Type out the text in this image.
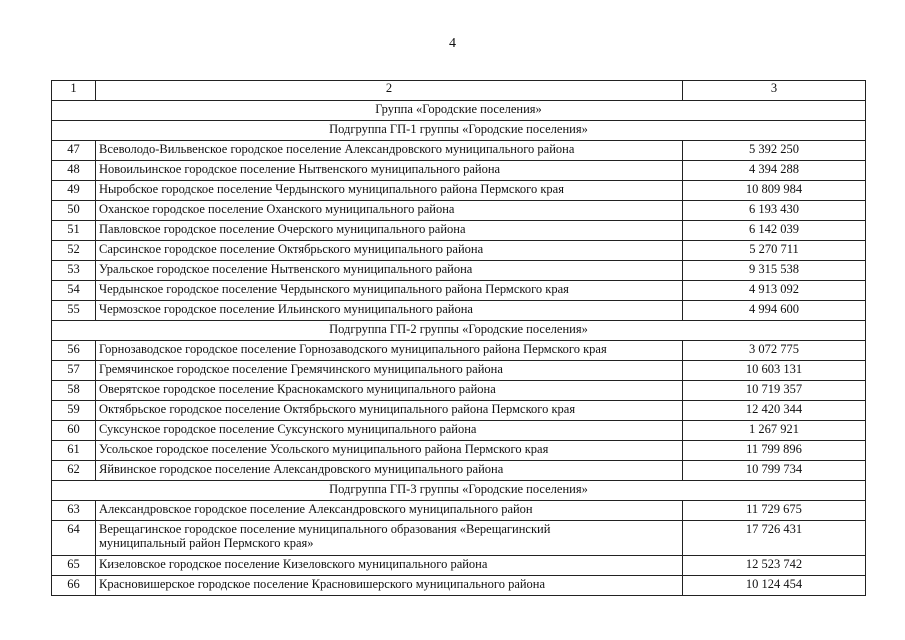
4
1	2	3
Группа «Городские поселения»		
Подгруппа ГП-1 группы «Городские поселения»		
47	Всеволодо-Вильвенское городское поселение Александровского муниципального района	5 392 250
48	Новоильинское городское поселение Нытвенского муниципального района	4 394 288
49	Ныробское городское поселение Чердынского муниципального района Пермского края	10 809 984
50	Оханское городское поселение Оханского муниципального района	6 193 430
51	Павловское городское поселение Очерского муниципального района	6 142 039
52	Сарсинское городское поселение Октябрьского муниципального района	5 270 711
53	Уральское городское поселение Нытвенского муниципального района	9 315 538
54	Чердынское городское поселение Чердынского муниципального района Пермского края	4 913 092
55	Чермозское городское поселение Ильинского муниципального района	4 994 600
Подгруппа ГП-2 группы «Городские поселения»		
56	Горнозаводское городское поселение Горнозаводского муниципального района Пермского края	3 072 775
57	Гремячинское городское поселение Гремячинского муниципального района	10 603 131
58	Оверятское городское поселение Краснокамского муниципального района	10 719 357
59	Октябрьское городское поселение Октябрьского муниципального района Пермского края	12 420 344
60	Суксунское городское поселение Суксунского муниципального района	1 267 921
61	Усольское городское поселение Усольского муниципального района Пермского края	11 799 896
62	Яйвинское городское поселение Александровского муниципального района	10 799 734
Подгруппа ГП-3 группы «Городские поселения»		
63	Александровское городское поселение Александровского муниципального район	11 729 675
64	Верещагинское городское поселение муниципального образования «Верещагинский
муниципальный район Пермского края»	17 726 431
65	Кизеловское городское поселение Кизеловского муниципального района	12 523 742
66	Красновишерское городское поселение Красновишерского муниципального района	10 124 454
